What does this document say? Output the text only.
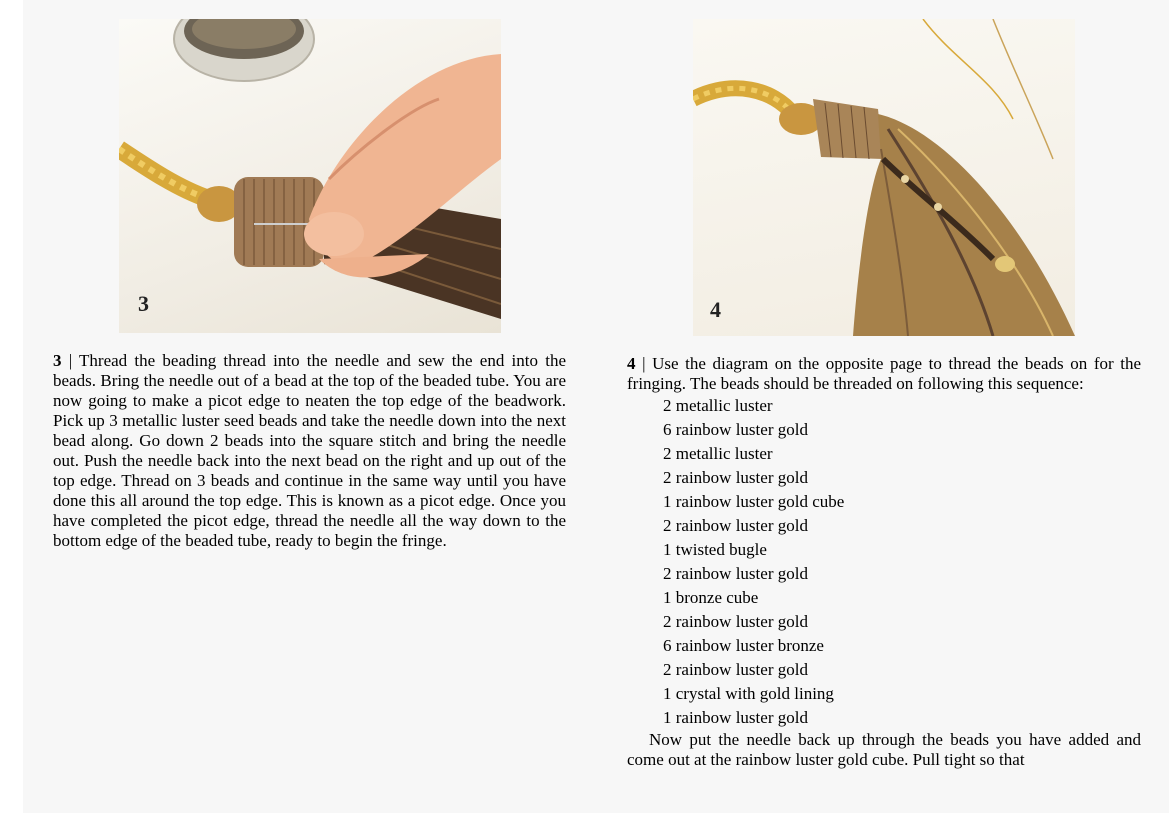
3	4

3 | Thread the beading thread into the needle and sew the end into the beads. Bring the needle out of a bead at the top of the beaded tube. You are now going to make a picot edge to neaten the top edge of the beadwork. Pick up 3 metallic luster seed beads and take the needle down into the next bead along. Go down 2 beads into the square stitch and bring the needle out. Push the needle back into the next bead on the right and up out of the top edge. Thread on 3 beads and continue in the same way until you have done this all around the top edge. This is known as a picot edge. Once you have completed the picot edge, thread the needle all the way down to the bottom edge of the beaded tube, ready to begin the fringe.

4 | Use the diagram on the opposite page to thread the beads on for the fringing. The beads should be threaded on following this sequence:

2 metallic luster
6 rainbow luster gold
2 metallic luster
2 rainbow luster gold
1 rainbow luster gold cube
2 rainbow luster gold
1 twisted bugle
2 rainbow luster gold
1 bronze cube
2 rainbow luster gold
6 rainbow luster bronze
2 rainbow luster gold
1 crystal with gold lining
1 rainbow luster gold

Now put the needle back up through the beads you have added and come out at the rainbow luster gold cube. Pull tight so that
